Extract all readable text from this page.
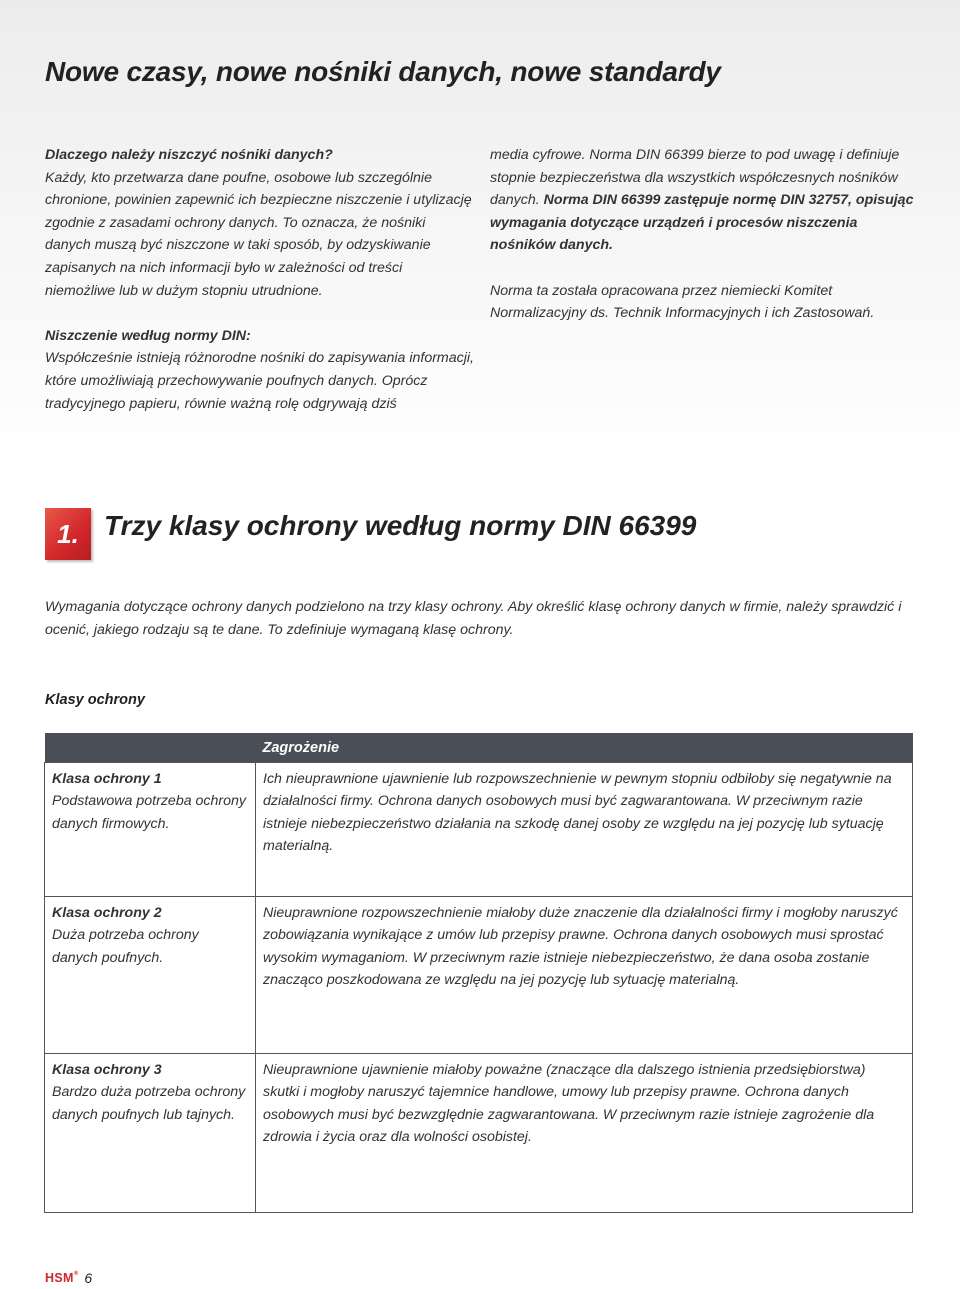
Nowe czasy, nowe nośniki danych, nowe standardy

Dlaczego należy niszczyć nośniki danych?
Każdy, kto przetwarza dane poufne, osobowe lub szczególnie chronione, powinien zapewnić ich bezpieczne niszczenie i utylizację zgodnie z zasadami ochrony danych. To oznacza, że nośniki danych muszą być niszczone w taki sposób, by odzyskiwanie zapisanych na nich informacji było w zależności od treści niemożliwe lub w dużym stopniu utrudnione.

Niszczenie według normy DIN:
Współcześnie istnieją różnorodne nośniki do zapisywania informacji, które umożliwiają przechowywanie poufnych danych. Oprócz tradycyjnego papieru, równie ważną rolę odgrywają dziś

media cyfrowe. Norma DIN 66399 bierze to pod uwagę i definiuje stopnie bezpieczeństwa dla wszystkich współczesnych nośników danych. Norma DIN 66399 zastępuje normę DIN 32757, opisując wymagania dotyczące urządzeń i procesów niszczenia nośników danych.

Norma ta została opracowana przez niemiecki Komitet Normalizacyjny ds. Technik Informacyjnych i ich Zastosowań.

1. Trzy klasy ochrony według normy DIN 66399
Wymagania dotyczące ochrony danych podzielono na trzy klasy ochrony. Aby określić klasę ochrony danych w firmie, należy sprawdzić i ocenić, jakiego rodzaju są te dane. To zdefiniuje wymaganą klasę ochrony.
Klasy ochrony
	Zagrożenie
Klasa ochrony 1
Podstawowa potrzeba ochrony danych firmowych.	Ich nieuprawnione ujawnienie lub rozpowszechnienie w pewnym stopniu odbiłoby się negatywnie na działalności firmy. Ochrona danych osobowych musi być zagwarantowana. W przeciwnym razie istnieje niebezpieczeństwo działania na szkodę danej osoby ze względu na jej pozycję lub sytuację materialną.
Klasa ochrony 2
Duża potrzeba ochrony danych poufnych.	Nieuprawnione rozpowszechnienie miałoby duże znaczenie dla działalności firmy i mogłoby naruszyć zobowiązania wynikające z umów lub przepisy prawne. Ochrona danych osobowych musi sprostać wysokim wymaganiom. W przeciwnym razie istnieje niebezpieczeństwo, że dana osoba zostanie znacząco poszkodowana ze względu na jej pozycję lub sytuację materialną.
Klasa ochrony 3
Bardzo duża potrzeba ochrony danych poufnych lub tajnych.	Nieuprawnione ujawnienie miałoby poważne (znaczące dla dalszego istnienia przedsiębiorstwa) skutki i mogłoby naruszyć tajemnice handlowe, umowy lub przepisy prawne. Ochrona danych osobowych musi być bezwzględnie zagwarantowana. W przeciwnym razie istnieje zagrożenie dla zdrowia i życia oraz dla wolności osobistej.
HSM® 6
